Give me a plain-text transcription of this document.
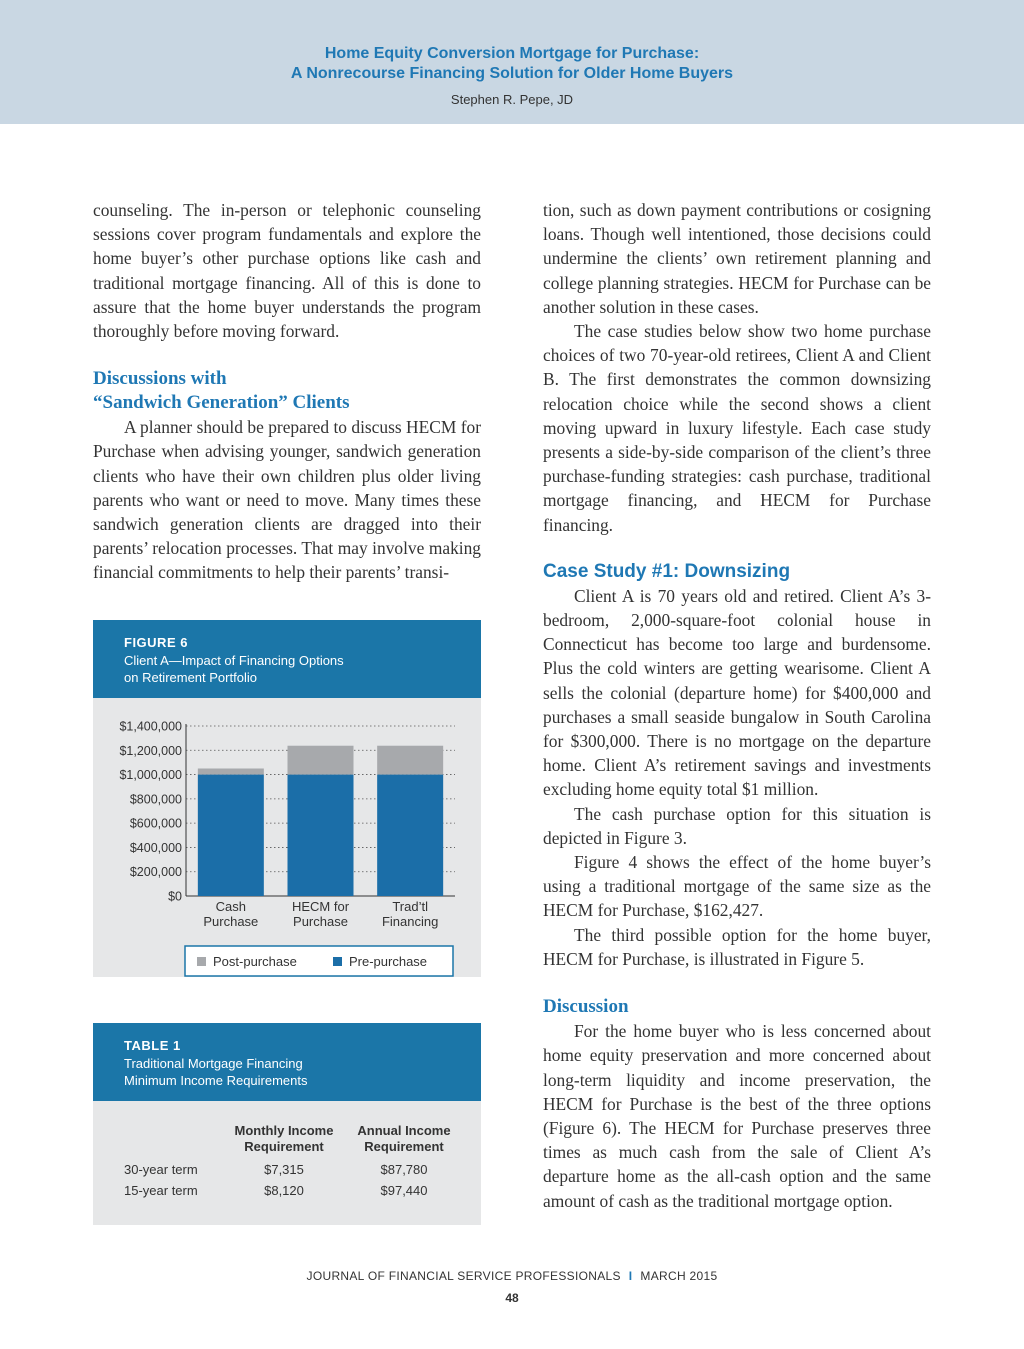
Home Equity Conversion Mortgage for Purchase:
A Nonrecourse Financing Solution for Older Home Buyers
Stephen R. Pepe, JD

counseling. The in-person or telephonic counseling sessions cover program fundamentals and explore the home buyer’s other purchase options like cash and traditional mortgage financing. All of this is done to assure that the home buyer understands the program thoroughly before moving forward.

Discussions with
“Sandwich Generation” Clients

A planner should be prepared to discuss HECM for Purchase when advising younger, sandwich generation clients who have their own children plus older living parents who want or need to move. Many times these sandwich generation clients are dragged into their parents’ relocation processes. That may involve making financial commitments to help their parents’ transi-

FIGURE 6
Client A—Impact of Financing Options
on Retirement Portfolio
$1,400,000
$1,200,000
$1,000,000
$800,000
$600,000
$400,000
$200,000
$0
Cash
Purchase
HECM for
Purchase
Trad’tl
Financing
Post-purchase	Pre-purchase
TABLE 1
Traditional Mortgage Financing
Minimum Income Requirements
	Monthly Income
Requirement	Annual Income
Requirement
30-year term	$7,315	$87,780
15-year term	$8,120	$97,440

tion, such as down payment contributions or cosigning loans. Though well intentioned, those decisions could undermine the clients’ own retirement planning and college planning strategies. HECM for Purchase can be another solution in these cases.

The case studies below show two home purchase choices of two 70-year-old retirees, Client A and Client B. The first demonstrates the common downsizing relocation choice while the second shows a client moving upward in luxury lifestyle. Each case study presents a side-by-side comparison of the client’s three purchase-funding strategies: cash purchase, traditional mortgage financing, and HECM for Purchase financing.

Case Study #1: Downsizing

Client A is 70 years old and retired. Client A’s 3-bedroom, 2,000-square-foot colonial house in Connecticut has become too large and burdensome. Plus the cold winters are getting wearisome. Client A sells the colonial (departure home) for $400,000 and purchases a small seaside bungalow in South Carolina for $300,000. There is no mortgage on the departure home. Client A’s retirement savings and investments excluding home equity total $1 million.

The cash purchase option for this situation is depicted in Figure 3.

Figure 4 shows the effect of the home buyer’s using a traditional mortgage of the same size as the HECM for Purchase, $162,427.

The third possible option for the home buyer, HECM for Purchase, is illustrated in Figure 5.

Discussion

For the home buyer who is less concerned about home equity preservation and more concerned about long-term liquidity and income preservation, the HECM for Purchase is the best of the three options (Figure 6). The HECM for Purchase preserves three times as much cash from the sale of Client A’s departure home as the all-cash option and the same amount of cash as the traditional mortgage option.

JOURNAL OF FINANCIAL SERVICE PROFESSIONALS I MARCH 2015
48
